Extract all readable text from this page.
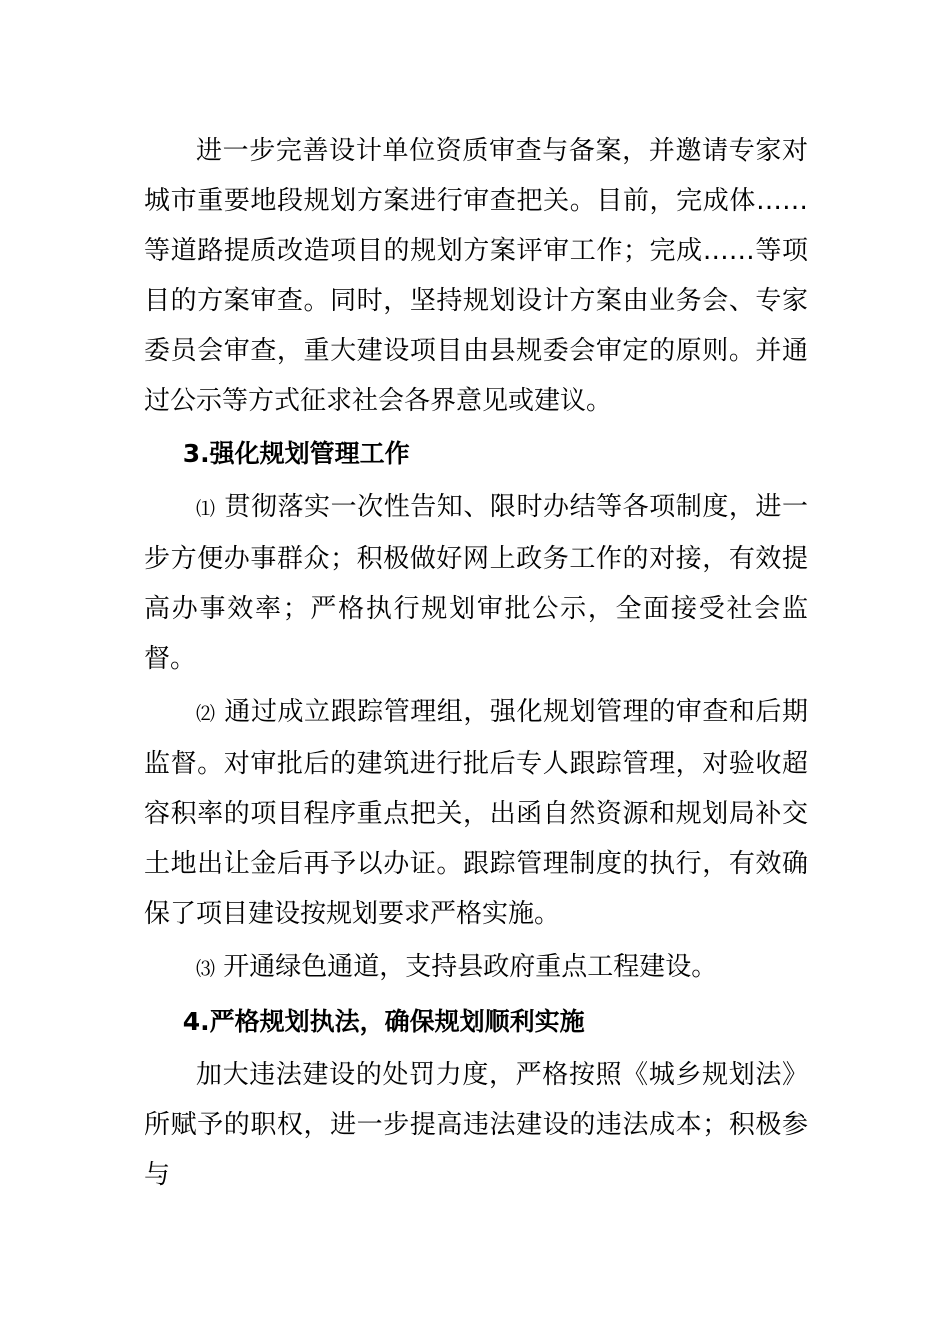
进一步完善设计单位资质审查与备案，并邀请专家对城市重要地段规划方案进行审查把关。目前，完成体……等道路提质改造项目的规划方案评审工作；完成……等项目的方案审查。同时，坚持规划设计方案由业务会、专家委员会审查，重大建设项目由县规委会审定的原则。并通过公示等方式征求社会各界意见或建议。

3.强化规划管理工作

⑴ 贯彻落实一次性告知、限时办结等各项制度，进一步方便办事群众；积极做好网上政务工作的对接，有效提高办事效率；严格执行规划审批公示，全面接受社会监督。

⑵ 通过成立跟踪管理组，强化规划管理的审查和后期监督。对审批后的建筑进行批后专人跟踪管理，对验收超容积率的项目程序重点把关，出函自然资源和规划局补交土地出让金后再予以办证。跟踪管理制度的执行，有效确保了项目建设按规划要求严格实施。

⑶ 开通绿色通道，支持县政府重点工程建设。

4.严格规划执法，确保规划顺利实施

加大违法建设的处罚力度，严格按照《城乡规划法》所赋予的职权，进一步提高违法建设的违法成本；积极参与
